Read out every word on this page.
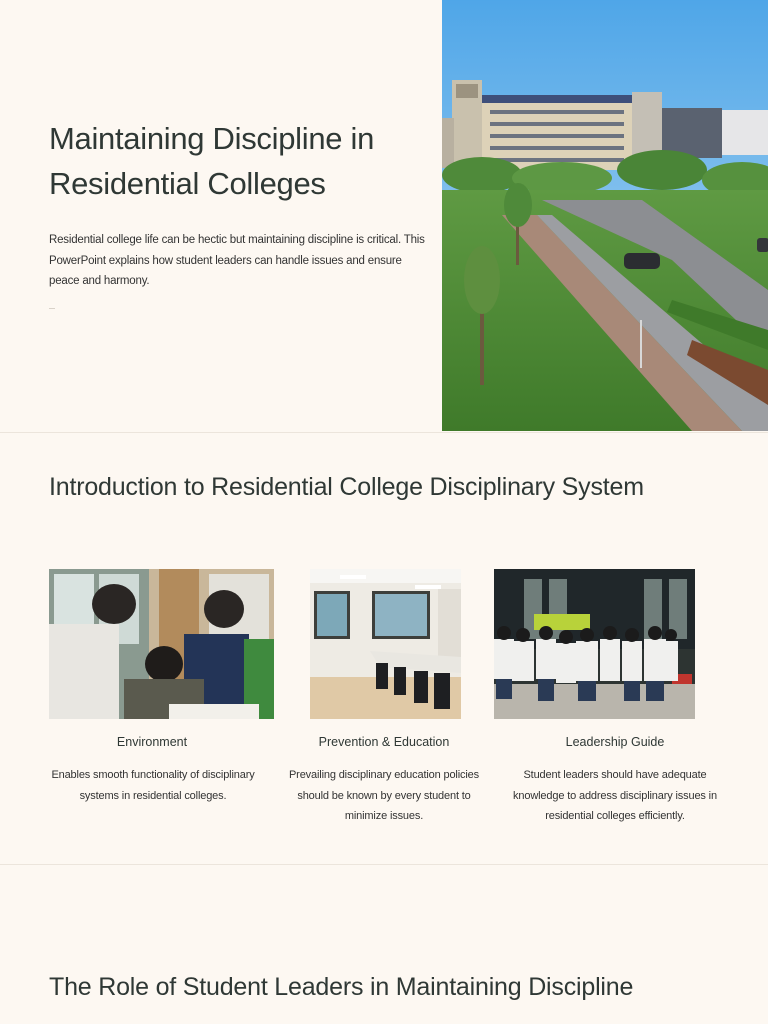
Maintaining Discipline in
Residential Colleges

Residential college life can be hectic but maintaining discipline is critical. This PowerPoint explains how student leaders can handle issues and ensure peace and harmony.

Introduction to Residential College Disciplinary System
Environment

Enables smooth functionality of disciplinary systems in residential colleges.

Prevention & Education

Prevailing disciplinary education policies should be known by every student to minimize issues.

Leadership Guide

Student leaders should have adequate knowledge to address disciplinary issues in residential colleges efficiently.

The Role of Student Leaders in Maintaining Discipline
